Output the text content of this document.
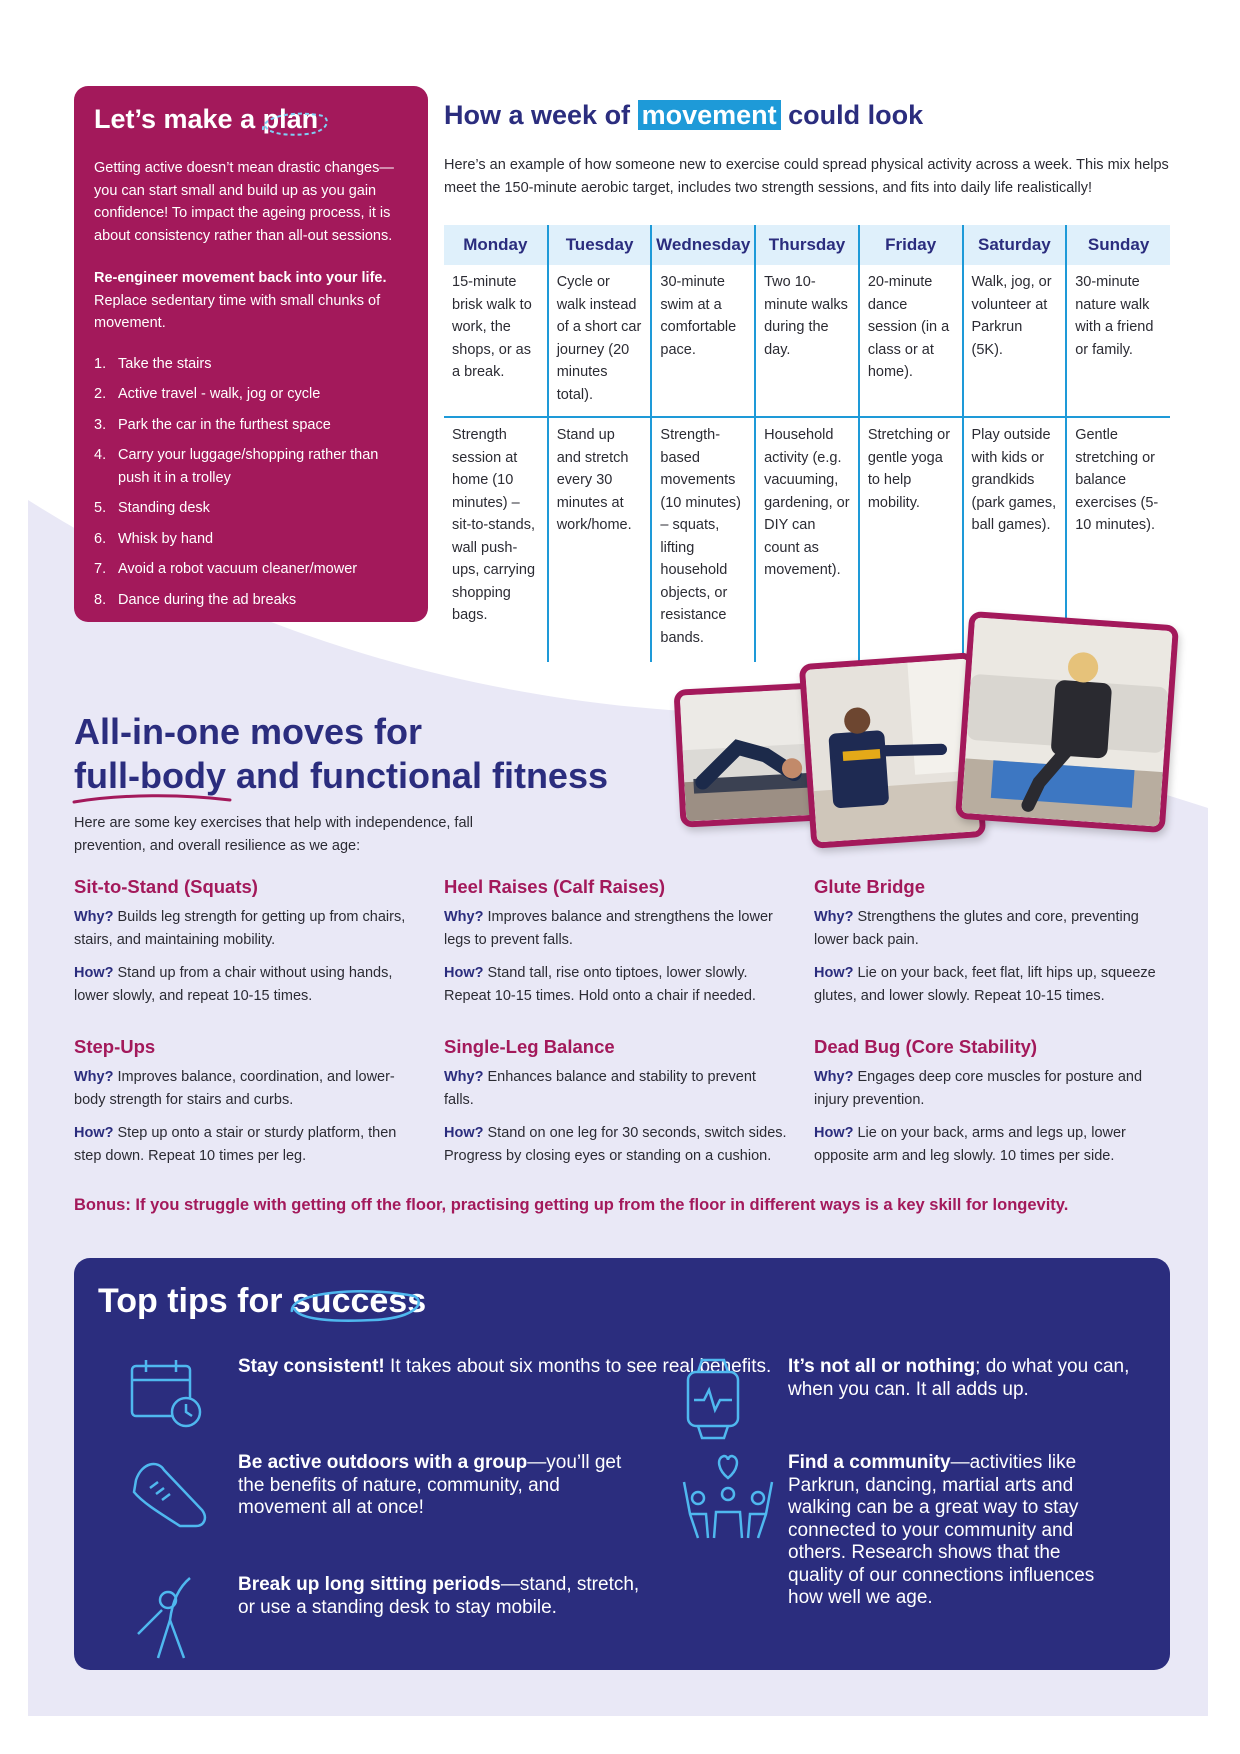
Let’s make a
plan

Getting active doesn’t mean drastic changes—you can start small and build up as you gain confidence! To impact the ageing process, it is about consistency rather than all-out sessions.

Re-engineer movement back into your life.

Replace sedentary time with small chunks of movement.

1. Take the stairs
2. Active travel - walk, jog or cycle
3. Park the car in the furthest space
4. Carry your luggage/shopping rather than push it in a trolley
5. Standing desk
6. Whisk by hand
7. Avoid a robot vacuum cleaner/mower
8. Dance during the ad breaks
How a week of movement could look

Here’s an example of how someone new to exercise could spread physical activity across a week. This mix helps meet the 150-minute aerobic target, includes two strength sessions, and fits into daily life realistically!

Monday	Tuesday	Wednesday	Thursday	Friday	Saturday	Sunday
15-minute brisk walk to work, the shops, or as a break.	Cycle or walk instead of a short car journey (20 minutes total).	30-minute swim at a comfortable pace.	Two 10-minute walks during the day.	20-minute dance session (in a class or at home).	Walk, jog, or volunteer at Parkrun (5K).	30-minute nature walk with a friend or family.
Strength session at home (10 minutes) – sit-to-stands, wall push-ups, carrying shopping bags.	Stand up and stretch every 30 minutes at work/home.	Strength-based movements (10 minutes) – squats, lifting household objects, or resistance bands.	Household activity (e.g. vacuuming, gardening, or DIY can count as movement).	Stretching or gentle yoga to help mobility.	Play outside with kids or grandkids (park games, ball games).	Gentle stretching or balance exercises (5-10 minutes).
All-in-one moves for
full-body
and functional fitness

Here are some key exercises that help with independence, fall prevention, and overall resilience as we age:

Sit-to-Stand (Squats)

Why? Builds leg strength for getting up from chairs, stairs, and maintaining mobility.

How? Stand up from a chair without using hands, lower slowly, and repeat 10-15 times.

Heel Raises (Calf Raises)

Why? Improves balance and strengthens the lower legs to prevent falls.

How? Stand tall, rise onto tiptoes, lower slowly. Repeat 10-15 times. Hold onto a chair if needed.

Glute Bridge

Why? Strengthens the glutes and core, preventing lower back pain.

How? Lie on your back, feet flat, lift hips up, squeeze glutes, and lower slowly. Repeat 10-15 times.

Step-Ups

Why? Improves balance, coordination, and lower-body strength for stairs and curbs.

How? Step up onto a stair or sturdy platform, then step down. Repeat 10 times per leg.

Single-Leg Balance

Why? Enhances balance and stability to prevent falls.

How? Stand on one leg for 30 seconds, switch sides. Progress by closing eyes or standing on a cushion.

Dead Bug (Core Stability)

Why? Engages deep core muscles for posture and injury prevention.

How? Lie on your back, arms and legs up, lower opposite arm and leg slowly. 10 times per side.

Bonus: If you struggle with getting off the floor, practising getting up from the floor in different ways is a key skill for longevity.

Top tips for
success
Stay consistent! It takes about six months to see real benefits.
Be active outdoors with a group—you’ll get the benefits of nature, community, and movement all at once!
Break up long sitting periods—stand, stretch, or use a standing desk to stay mobile.
It’s not all or nothing; do what you can, when you can. It all adds up.
Find a community—activities like Parkrun, dancing, martial arts and walking can be a great way to stay connected to your community and others. Research shows that the quality of our connections influences how well we age.
